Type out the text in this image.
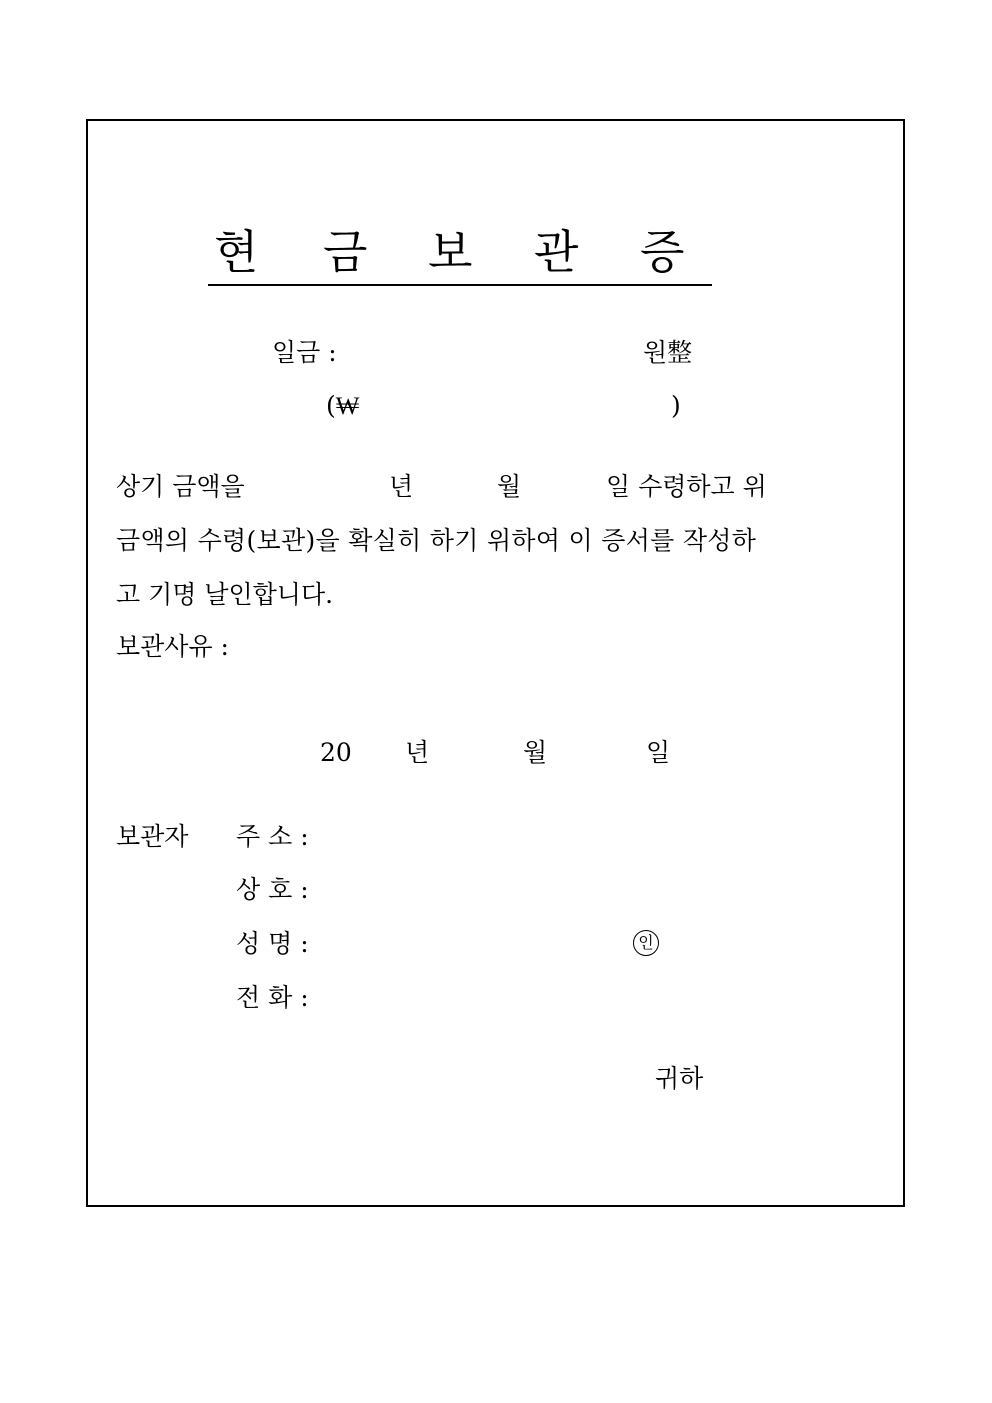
현 금 보 관 증
일금 :	원整
(₩	)
상기 금액을	년	월	일 수령하고 위
금액의 수령(보관)을 확실히 하기 위하여 이 증서를 작성하
고 기명 날인합니다.
보관사유 :
20 년	월	일
보관자 주 소 :
상 호 :
성 명 :	인
전 화 :
귀하
